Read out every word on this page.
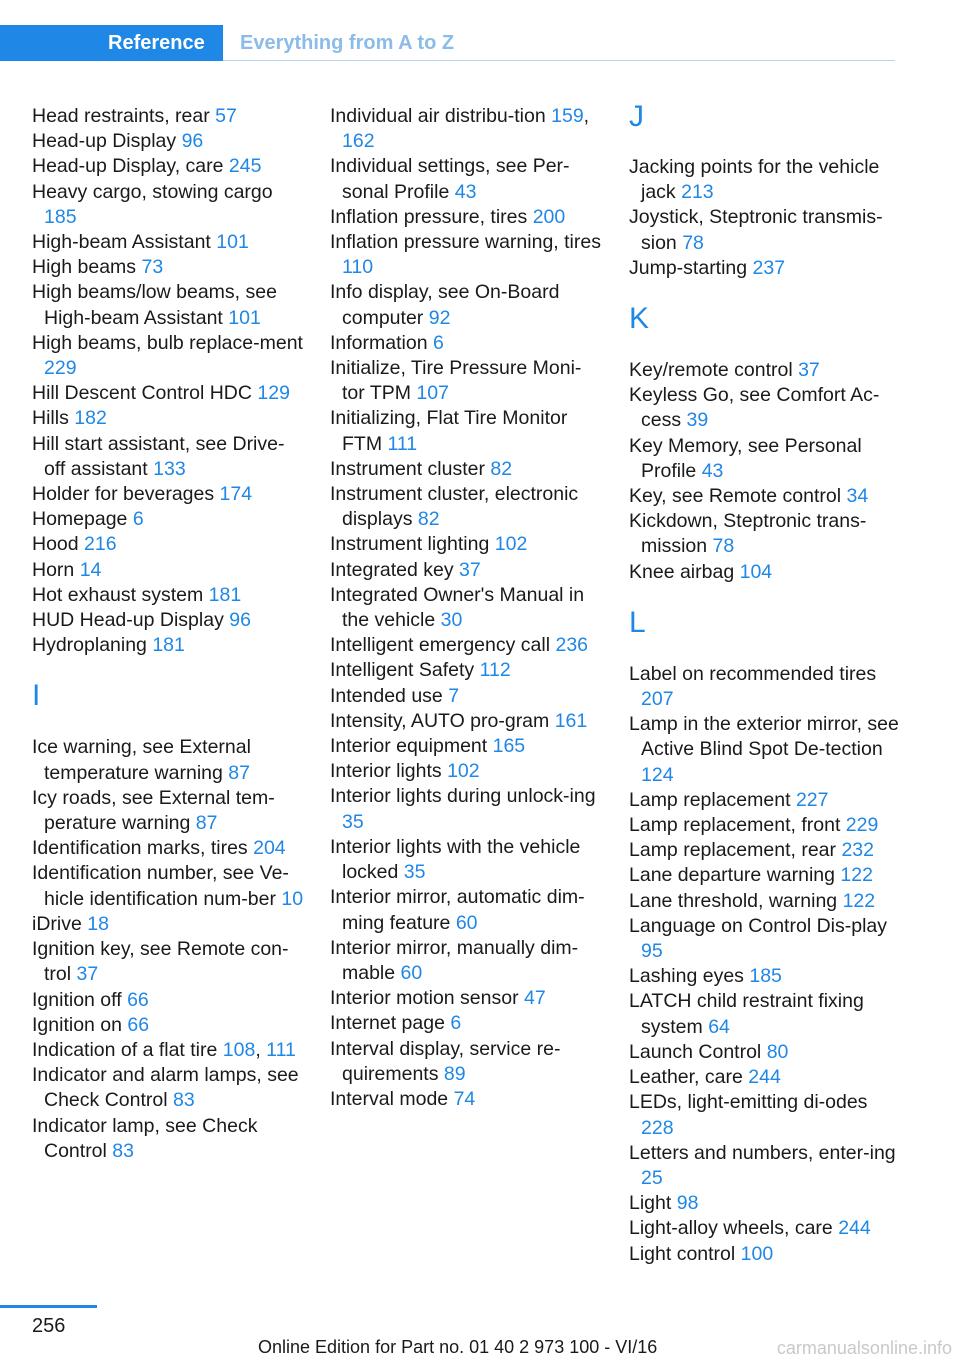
Reference	Everything from A to Z
Head restraints, rear 57
Head-up Display 96
Head-up Display, care 245
Heavy cargo, stowing cargo 185
High-beam Assistant 101
High beams 73
High beams/low beams, see High-beam Assistant 101
High beams, bulb replace-ment 229
Hill Descent Control HDC 129
Hills 182
Hill start assistant, see Drive-off assistant 133
Holder for beverages 174
Homepage 6
Hood 216
Horn 14
Hot exhaust system 181
HUD Head-up Display 96
Hydroplaning 181
I
Ice warning, see External temperature warning 87
Icy roads, see External tem-perature warning 87
Identification marks, tires 204
Identification number, see Ve-hicle identification num-ber 10
iDrive 18
Ignition key, see Remote con-trol 37
Ignition off 66
Ignition on 66
Indication of a flat tire 108, 111
Indicator and alarm lamps, see Check Control 83
Indicator lamp, see Check Control 83
Individual air distribu-tion 159, 162
Individual settings, see Per-sonal Profile 43
Inflation pressure, tires 200
Inflation pressure warning, tires 110
Info display, see On-Board computer 92
Information 6
Initialize, Tire Pressure Moni-tor TPM 107
Initializing, Flat Tire Monitor FTM 111
Instrument cluster 82
Instrument cluster, electronic displays 82
Instrument lighting 102
Integrated key 37
Integrated Owner's Manual in the vehicle 30
Intelligent emergency call 236
Intelligent Safety 112
Intended use 7
Intensity, AUTO pro-gram 161
Interior equipment 165
Interior lights 102
Interior lights during unlock-ing 35
Interior lights with the vehicle locked 35
Interior mirror, automatic dim-ming feature 60
Interior mirror, manually dim-mable 60
Interior motion sensor 47
Internet page 6
Interval display, service re-quirements 89
Interval mode 74
J
Jacking points for the vehicle jack 213
Joystick, Steptronic transmis-sion 78
Jump-starting 237
K
Key/remote control 37
Keyless Go, see Comfort Ac-cess 39
Key Memory, see Personal Profile 43
Key, see Remote control 34
Kickdown, Steptronic trans-mission 78
Knee airbag 104
L
Label on recommended tires 207
Lamp in the exterior mirror, see Active Blind Spot De-tection 124
Lamp replacement 227
Lamp replacement, front 229
Lamp replacement, rear 232
Lane departure warning 122
Lane threshold, warning 122
Language on Control Dis-play 95
Lashing eyes 185
LATCH child restraint fixing system 64
Launch Control 80
Leather, care 244
LEDs, light-emitting di-odes 228
Letters and numbers, enter-ing 25
Light 98
Light-alloy wheels, care 244
Light control 100
256
Online Edition for Part no. 01 40 2 973 100 - VI/16	carmanualsonline.info
